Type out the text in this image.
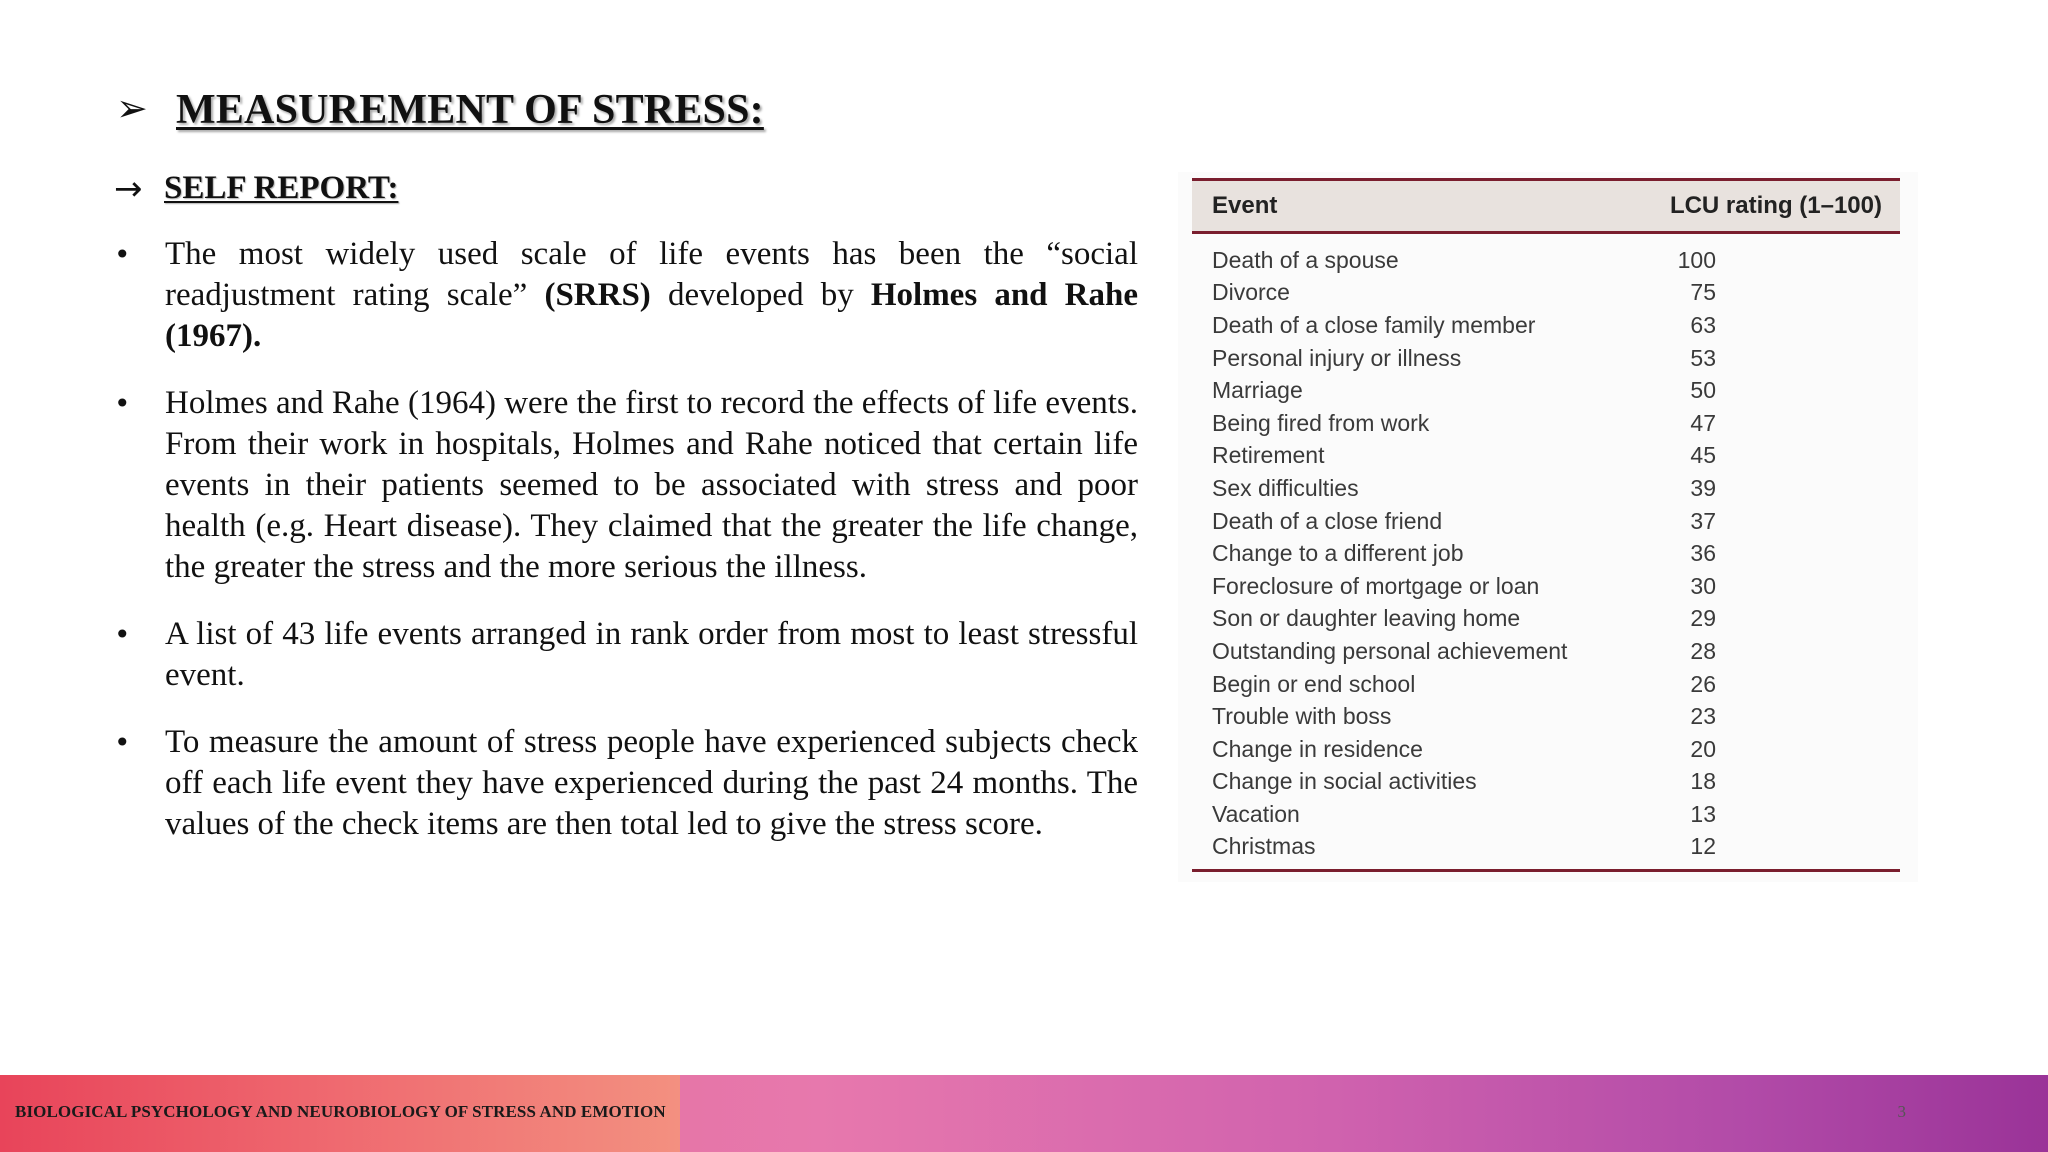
➢ MEASUREMENT OF STRESS:
→ SELF REPORT:
• The most widely used scale of life events has been the “social readjustment rating scale” (SRRS) developed by Holmes and Rahe (1967).
• Holmes and Rahe (1964) were the first to record the effects of life events. From their work in hospitals, Holmes and Rahe noticed that certain life events in their patients seemed to be associated with stress and poor health (e.g. Heart disease). They claimed that the greater the life change, the greater the stress and the more serious the illness.
• A list of 43 life events arranged in rank order from most to least stressful event.
• To measure the amount of stress people have experienced subjects check off each life event they have experienced during the past 24 months. The values of the check items are then total led to give the stress score.
Event	LCU rating (1–100)
Death of a spouse	100
Divorce	75
Death of a close family member	63
Personal injury or illness	53
Marriage	50
Being fired from work	47
Retirement	45
Sex difficulties	39
Death of a close friend	37
Change to a different job	36
Foreclosure of mortgage or loan	30
Son or daughter leaving home	29
Outstanding personal achievement	28
Begin or end school	26
Trouble with boss	23
Change in residence	20
Change in social activities	18
Vacation	13
Christmas	12
BIOLOGICAL PSYCHOLOGY AND NEUROBIOLOGY OF STRESS AND EMOTION	3
